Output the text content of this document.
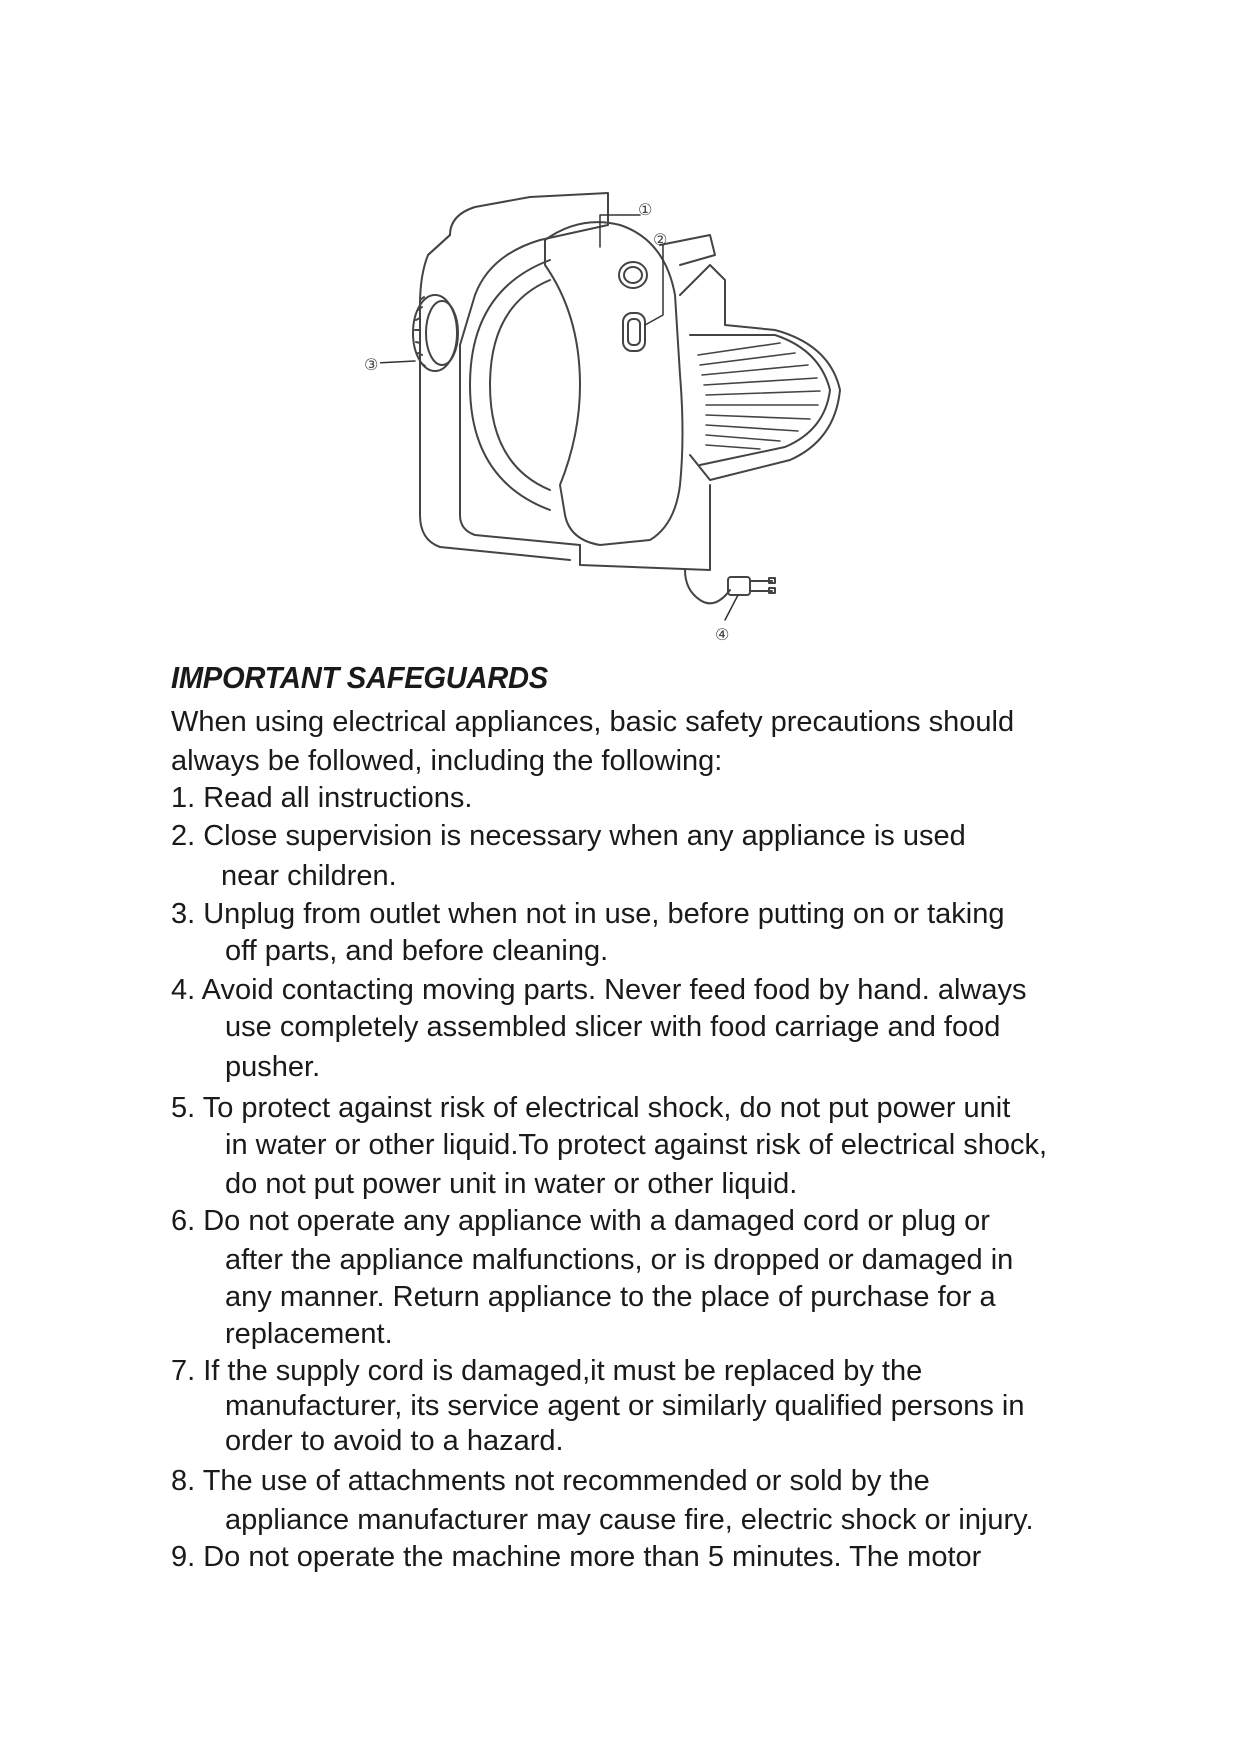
①
②
③
④
IMPORTANT SAFEGUARDS
When using electrical appliances, basic safety precautions should
always be followed, including the following:
1. Read all instructions.
2. Close supervision is necessary when any appliance is used
near children.
3. Unplug from outlet when not in use, before putting on or taking
off parts, and before cleaning.
4. Avoid contacting moving parts. Never feed food by hand. always
use completely assembled slicer with food carriage and food
pusher.
5. To protect against risk of electrical shock, do not put power unit
in water or other liquid.To protect against risk of electrical shock,
do not put power unit in water or other liquid.
6. Do not operate any appliance with a damaged cord or plug or
after the appliance malfunctions, or is dropped or damaged in
any manner. Return appliance to the place of purchase for a
replacement.
7. If the supply cord is damaged,it must be replaced by the
manufacturer, its service agent or similarly qualified persons in
order to avoid to a hazard.
8. The use of attachments not recommended or sold by the
appliance manufacturer may cause fire, electric shock or injury.
9. Do not operate the machine more than 5 minutes. The motor
